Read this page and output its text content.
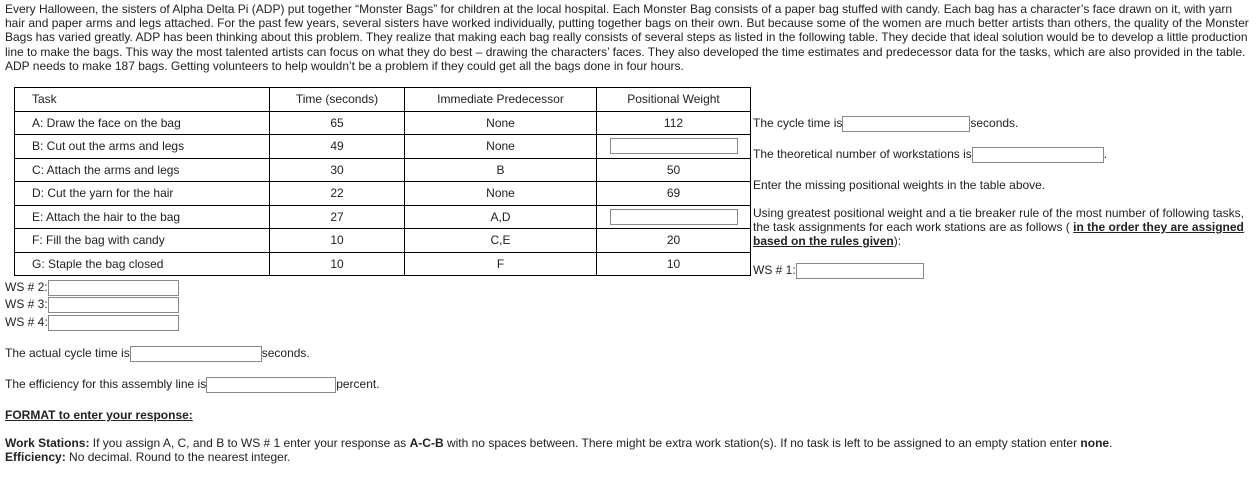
Every Halloween, the sisters of Alpha Delta Pi (ADP) put together “Monster Bags” for children at the local hospital. Each Monster Bag consists of a paper bag stuffed with candy. Each bag has a character’s face drawn on it, with yarn hair and paper arms and legs attached. For the past few years, several sisters have worked individually, putting together bags on their own. But because some of the women are much better artists than others, the quality of the Monster Bags has varied greatly. ADP has been thinking about this problem. They realize that making each bag really consists of several steps as listed in the following table. They decide that ideal solution would be to develop a little production line to make the bags. This way the most talented artists can focus on what they do best – drawing the characters’ faces. They also developed the time estimates and predecessor data for the tasks, which are also provided in the table. ADP needs to make 187 bags. Getting volunteers to help wouldn’t be a problem if they could get all the bags done in four hours.
Task	Time (seconds)	Immediate Predecessor	Positional Weight
A: Draw the face on the bag	65	None	112
B: Cut out the arms and legs	49	None	

C: Attach the arms and legs	30	B	50
D: Cut the yarn for the hair	22	None	69
E: Attach the hair to the bag	27	A,D	

F: Fill the bag with candy	10	C,E	20
G: Staple the bag closed	10	F	10
The cycle time is	seconds.
The theoretical number of workstations is	.
Enter the missing positional weights in the table above.
Using greatest positional weight and a tie breaker rule of the most number of following tasks,
the task assignments for each work stations are as follows ( in the order they are assigned
based on the rules given):
WS # 1:
WS # 2:
WS # 3:
WS # 4:
The actual cycle time is	seconds.
The efficiency for this assembly line is	percent.
FORMAT to enter your response:
Work Stations: If you assign A, C, and B to WS # 1 enter your response as A-C-B with no spaces between. There might be extra work station(s). If no task is left to be assigned to an empty station enter none.
Efficiency: No decimal. Round to the nearest integer.
